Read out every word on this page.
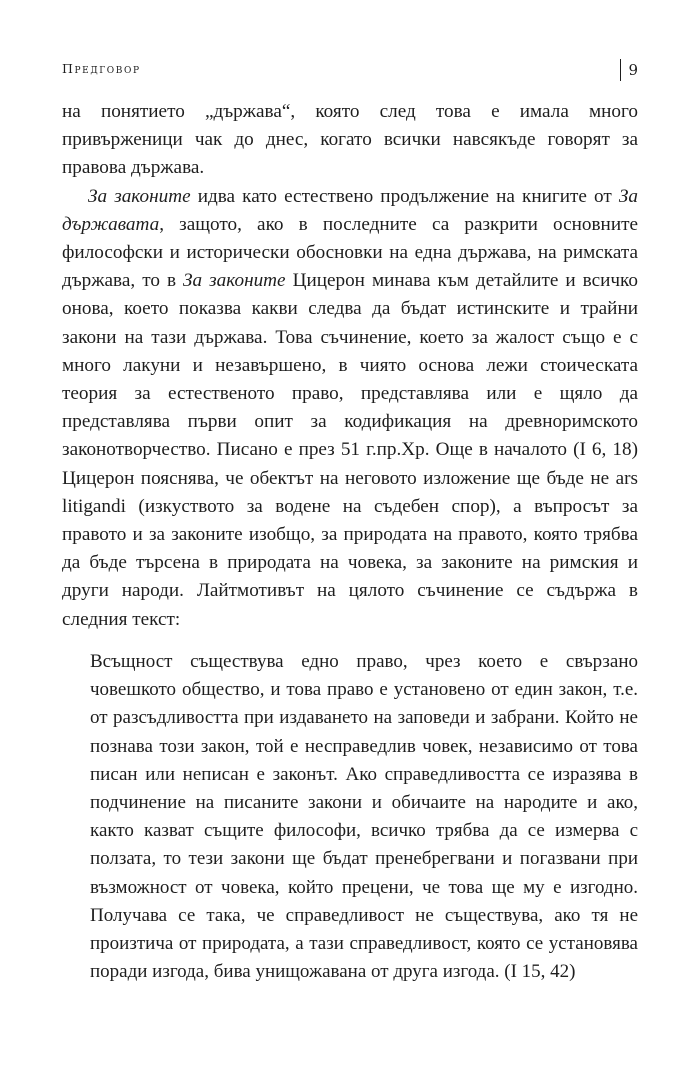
Предговор	9

на понятието „държава“, която след това е имала много привърженици чак до днес, когато всички навсякъде говорят за правова държава.

За законите идва като естествено продължение на книгите от За държавата, защото, ако в последните са разкрити основните философски и исторически обосновки на една държава, на римската държава, то в За законите Цицерон минава към детайлите и всичко онова, което показва какви следва да бъдат истинските и трайни закони на тази държава. Това съчинение, което за жалост също е с много лакуни и незавършено, в чиято основа лежи стоическата теория за естественото право, представлява или е щяло да представлява първи опит за кодификация на древноримското законотворчество. Писано е през 51 г.пр.Хр. Още в началото (I 6, 18) Цицерон пояснява, че обектът на неговото изложение ще бъде не ars litigandi (изкуството за водене на съдебен спор), а въпросът за правото и за законите изобщо, за природата на правото, която трябва да бъде търсена в природата на човека, за законите на римския и други народи. Лайтмотивът на цялото съчинение се съдържа в следния текст:

Всъщност съществува едно право, чрез което е свързано човешкото общество, и това право е установено от един закон, т.е. от разсъдливостта при издаването на заповеди и забрани. Който не познава този закон, той е несправедлив човек, независимо от това писан или неписан е законът. Ако справедливостта се изразява в подчинение на писаните закони и обичаите на народите и ако, както казват същите философи, всичко трябва да се измерва с ползата, то тези закони ще бъдат пренебрегвани и погазвани при възможност от човека, който прецени, че това ще му е изгодно. Получава се така, че справедливост не съществува, ако тя не произтича от природата, а тази справедливост, която се установява поради изгода, бива унищожавана от друга изгода. (I 15, 42)
